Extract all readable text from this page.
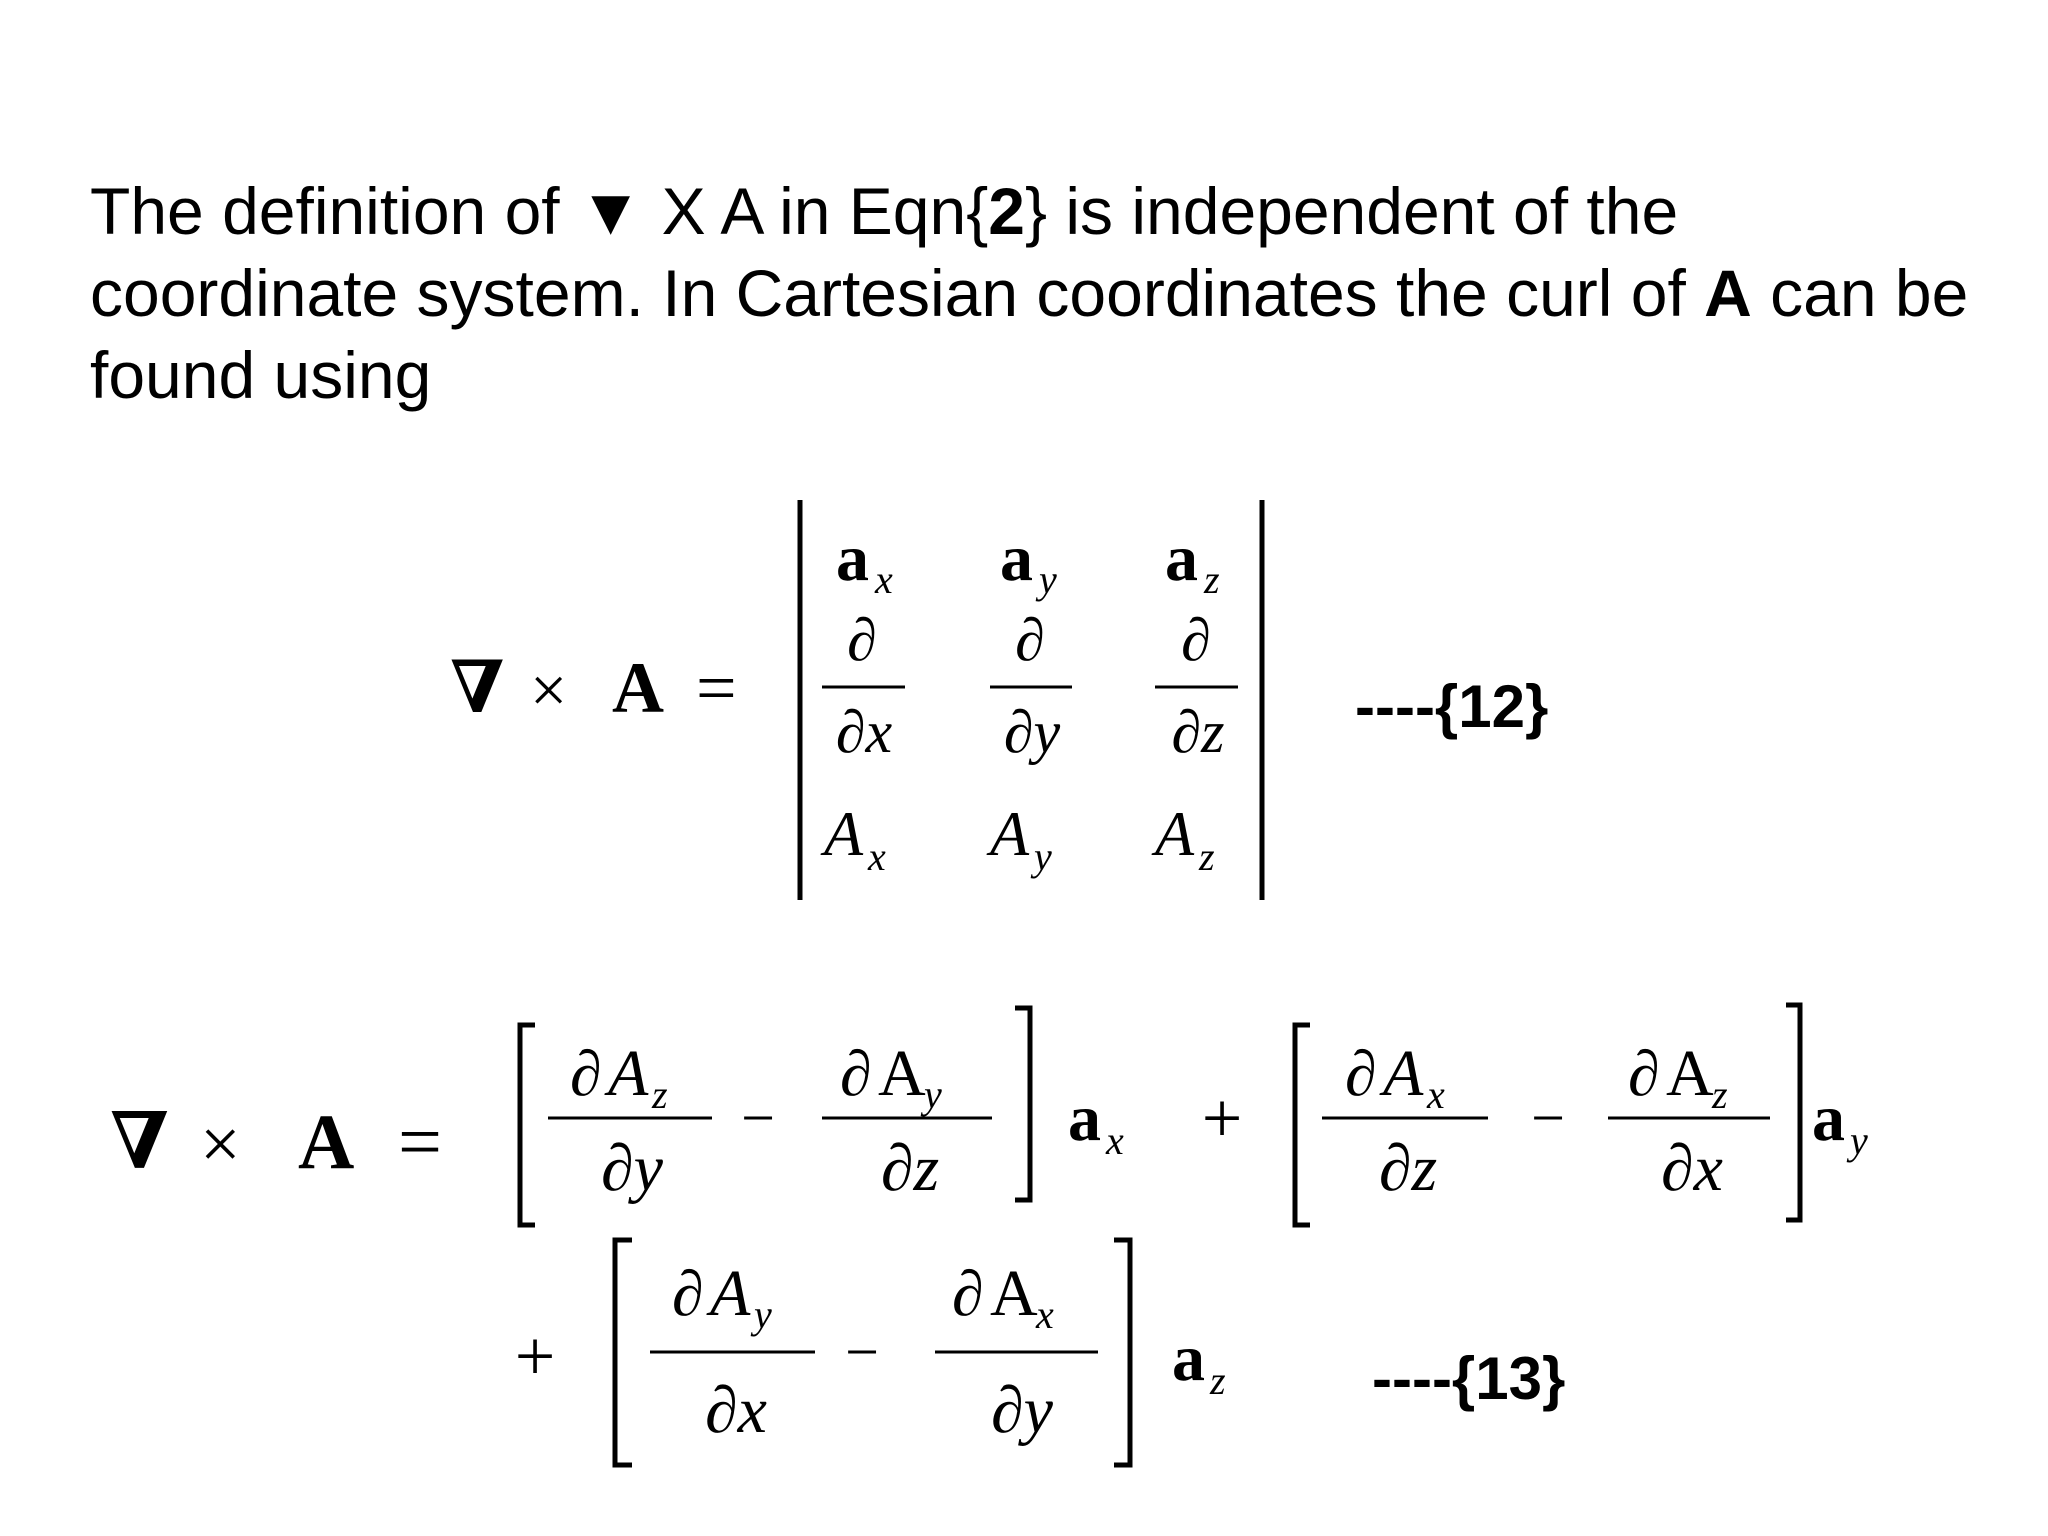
The definition of ▼ X A in Eqn{2} is independent of the coordinate system. In Cartesian coordinates the curl of A can be found using

∇ × A =
a x a y a z
∂
∂x
∂
∂y
∂
∂z
A x A y A z
∇ × A =
∂ A z
∂y
−
∂ A
y
∂z
a x +
∂ A x
∂z
−
∂ A
z
∂x
a y
+
∂ A y
∂x
−
∂ A
x
∂y
a z
----{12}
----{13}
